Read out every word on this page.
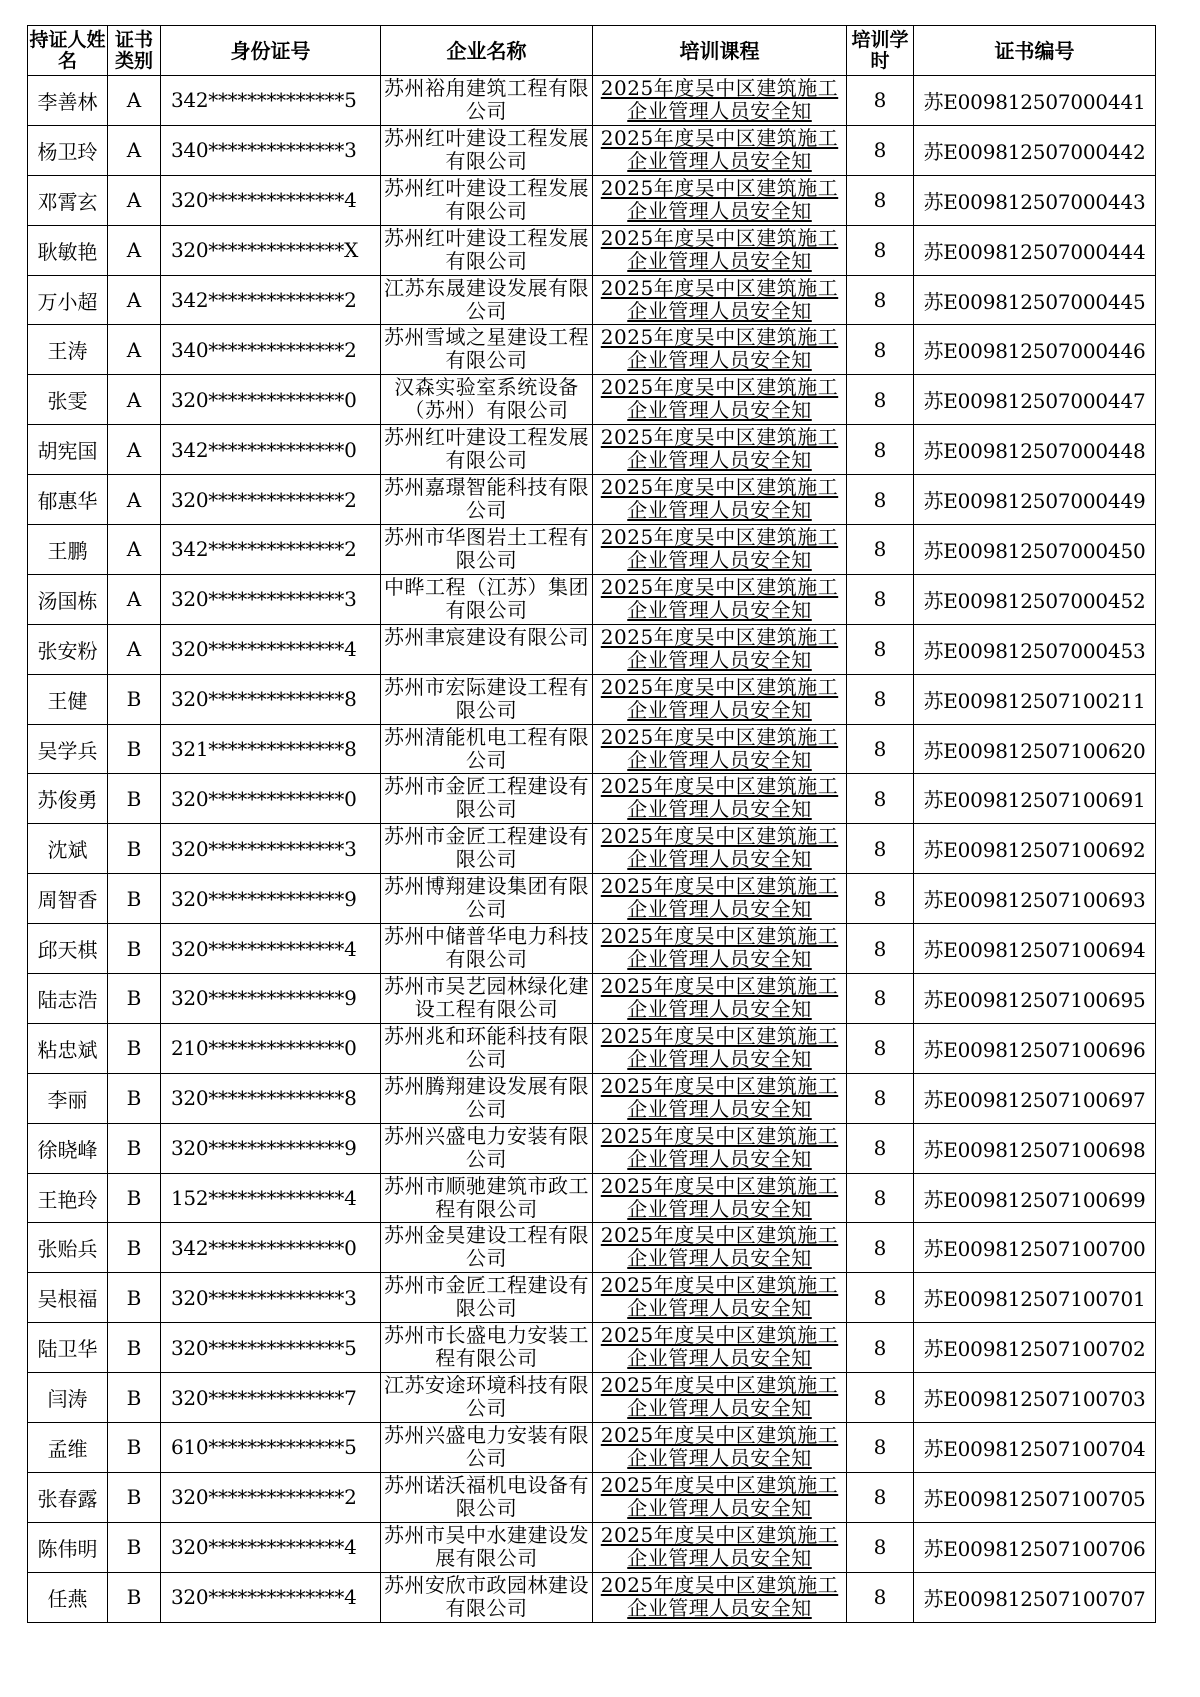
持证人姓名	证书类别	身份证号	企业名称	培训课程	培训学时	证书编号
李善林	A	342**************5	苏州裕甪建筑工程有限公司	2025年度吴中区建筑施工企业管理人员安全知	8	苏E009812507000441
杨卫玲	A	340**************3	苏州红叶建设工程发展有限公司	2025年度吴中区建筑施工企业管理人员安全知	8	苏E009812507000442
邓霄玄	A	320**************4	苏州红叶建设工程发展有限公司	2025年度吴中区建筑施工企业管理人员安全知	8	苏E009812507000443
耿敏艳	A	320**************X	苏州红叶建设工程发展有限公司	2025年度吴中区建筑施工企业管理人员安全知	8	苏E009812507000444
万小超	A	342**************2	江苏东晟建设发展有限公司	2025年度吴中区建筑施工企业管理人员安全知	8	苏E009812507000445
王涛	A	340**************2	苏州雪域之星建设工程有限公司	2025年度吴中区建筑施工企业管理人员安全知	8	苏E009812507000446
张雯	A	320**************0	汉森实验室系统设备（苏州）有限公司	2025年度吴中区建筑施工企业管理人员安全知	8	苏E009812507000447
胡宪国	A	342**************0	苏州红叶建设工程发展有限公司	2025年度吴中区建筑施工企业管理人员安全知	8	苏E009812507000448
郁惠华	A	320**************2	苏州嘉璟智能科技有限公司	2025年度吴中区建筑施工企业管理人员安全知	8	苏E009812507000449
王鹏	A	342**************2	苏州市华图岩土工程有限公司	2025年度吴中区建筑施工企业管理人员安全知	8	苏E009812507000450
汤国栋	A	320**************3	中晔工程（江苏）集团有限公司	2025年度吴中区建筑施工企业管理人员安全知	8	苏E009812507000452
张安粉	A	320**************4	苏州聿宸建设有限公司	2025年度吴中区建筑施工企业管理人员安全知	8	苏E009812507000453
王健	B	320**************8	苏州市宏际建设工程有限公司	2025年度吴中区建筑施工企业管理人员安全知	8	苏E009812507100211
吴学兵	B	321**************8	苏州清能机电工程有限公司	2025年度吴中区建筑施工企业管理人员安全知	8	苏E009812507100620
苏俊勇	B	320**************0	苏州市金匠工程建设有限公司	2025年度吴中区建筑施工企业管理人员安全知	8	苏E009812507100691
沈斌	B	320**************3	苏州市金匠工程建设有限公司	2025年度吴中区建筑施工企业管理人员安全知	8	苏E009812507100692
周智香	B	320**************9	苏州博翔建设集团有限公司	2025年度吴中区建筑施工企业管理人员安全知	8	苏E009812507100693
邱天棋	B	320**************4	苏州中储普华电力科技有限公司	2025年度吴中区建筑施工企业管理人员安全知	8	苏E009812507100694
陆志浩	B	320**************9	苏州市吴艺园林绿化建设工程有限公司	2025年度吴中区建筑施工企业管理人员安全知	8	苏E009812507100695
粘忠斌	B	210**************0	苏州兆和环能科技有限公司	2025年度吴中区建筑施工企业管理人员安全知	8	苏E009812507100696
李丽	B	320**************8	苏州腾翔建设发展有限公司	2025年度吴中区建筑施工企业管理人员安全知	8	苏E009812507100697
徐晓峰	B	320**************9	苏州兴盛电力安装有限公司	2025年度吴中区建筑施工企业管理人员安全知	8	苏E009812507100698
王艳玲	B	152**************4	苏州市顺驰建筑市政工程有限公司	2025年度吴中区建筑施工企业管理人员安全知	8	苏E009812507100699
张贻兵	B	342**************0	苏州金昊建设工程有限公司	2025年度吴中区建筑施工企业管理人员安全知	8	苏E009812507100700
吴根福	B	320**************3	苏州市金匠工程建设有限公司	2025年度吴中区建筑施工企业管理人员安全知	8	苏E009812507100701
陆卫华	B	320**************5	苏州市长盛电力安装工程有限公司	2025年度吴中区建筑施工企业管理人员安全知	8	苏E009812507100702
闫涛	B	320**************7	江苏安途环境科技有限公司	2025年度吴中区建筑施工企业管理人员安全知	8	苏E009812507100703
孟维	B	610**************5	苏州兴盛电力安装有限公司	2025年度吴中区建筑施工企业管理人员安全知	8	苏E009812507100704
张春露	B	320**************2	苏州诺沃福机电设备有限公司	2025年度吴中区建筑施工企业管理人员安全知	8	苏E009812507100705
陈伟明	B	320**************4	苏州市吴中水建建设发展有限公司	2025年度吴中区建筑施工企业管理人员安全知	8	苏E009812507100706
任燕	B	320**************4	苏州安欣市政园林建设有限公司	2025年度吴中区建筑施工企业管理人员安全知	8	苏E009812507100707
